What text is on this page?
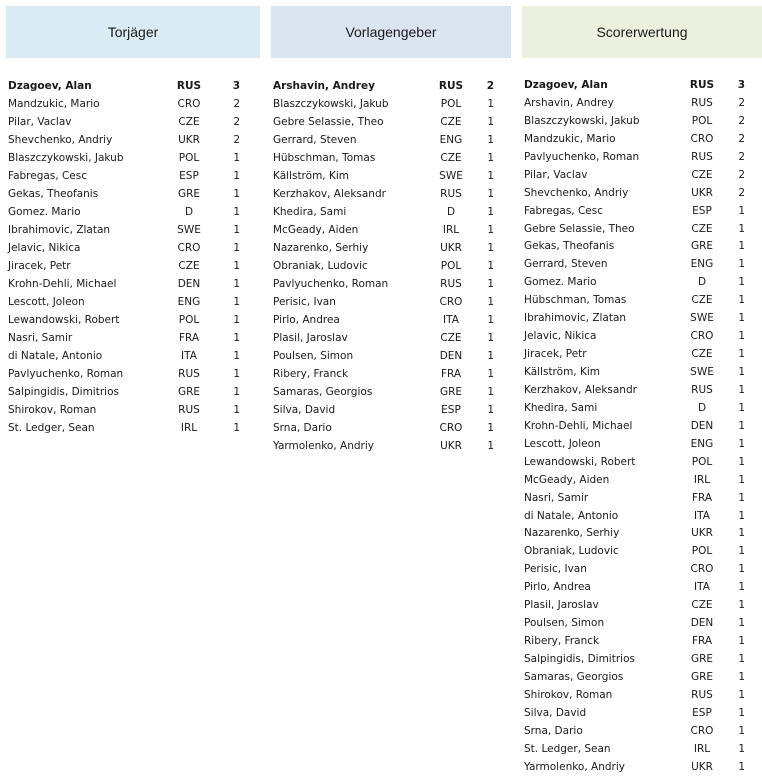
Torjäger
Dzagoev, Alan	RUS	3
Mandzukic, Mario	CRO	2
Pilar, Vaclav	CZE	2
Shevchenko, Andriy	UKR	2
Blaszczykowski, Jakub	POL	1
Fabregas, Cesc	ESP	1
Gekas, Theofanis	GRE	1
Gomez. Mario	D	1
Ibrahimovic, Zlatan	SWE	1
Jelavic, Nikica	CRO	1
Jiracek, Petr	CZE	1
Krohn-Dehli, Michael	DEN	1
Lescott, Joleon	ENG	1
Lewandowski, Robert	POL	1
Nasri, Samir	FRA	1
di Natale, Antonio	ITA	1
Pavlyuchenko, Roman	RUS	1
Salpingidis, Dimitrios	GRE	1
Shirokov, Roman	RUS	1
St. Ledger, Sean	IRL	1
Vorlagengeber
Arshavin, Andrey	RUS	2
Blaszczykowski, Jakub	POL	1
Gebre Selassie, Theo	CZE	1
Gerrard, Steven	ENG	1
Hübschman, Tomas	CZE	1
Källström, Kim	SWE	1
Kerzhakov, Aleksandr	RUS	1
Khedira, Sami	D	1
McGeady, Aiden	IRL	1
Nazarenko, Serhiy	UKR	1
Obraniak, Ludovic	POL	1
Pavlyuchenko, Roman	RUS	1
Perisic, Ivan	CRO	1
Pirlo, Andrea	ITA	1
Plasil, Jaroslav	CZE	1
Poulsen, Simon	DEN	1
Ribery, Franck	FRA	1
Samaras, Georgios	GRE	1
Silva, David	ESP	1
Srna, Dario	CRO	1
Yarmolenko, Andriy	UKR	1
Scorerwertung
Dzagoev, Alan	RUS	3
Arshavin, Andrey	RUS	2
Blaszczykowski, Jakub	POL	2
Mandzukic, Mario	CRO	2
Pavlyuchenko, Roman	RUS	2
Pilar, Vaclav	CZE	2
Shevchenko, Andriy	UKR	2
Fabregas, Cesc	ESP	1
Gebre Selassie, Theo	CZE	1
Gekas, Theofanis	GRE	1
Gerrard, Steven	ENG	1
Gomez. Mario	D	1
Hübschman, Tomas	CZE	1
Ibrahimovic, Zlatan	SWE	1
Jelavic, Nikica	CRO	1
Jiracek, Petr	CZE	1
Källström, Kim	SWE	1
Kerzhakov, Aleksandr	RUS	1
Khedira, Sami	D	1
Krohn-Dehli, Michael	DEN	1
Lescott, Joleon	ENG	1
Lewandowski, Robert	POL	1
McGeady, Aiden	IRL	1
Nasri, Samir	FRA	1
di Natale, Antonio	ITA	1
Nazarenko, Serhiy	UKR	1
Obraniak, Ludovic	POL	1
Perisic, Ivan	CRO	1
Pirlo, Andrea	ITA	1
Plasil, Jaroslav	CZE	1
Poulsen, Simon	DEN	1
Ribery, Franck	FRA	1
Salpingidis, Dimitrios	GRE	1
Samaras, Georgios	GRE	1
Shirokov, Roman	RUS	1
Silva, David	ESP	1
Srna, Dario	CRO	1
St. Ledger, Sean	IRL	1
Yarmolenko, Andriy	UKR	1
